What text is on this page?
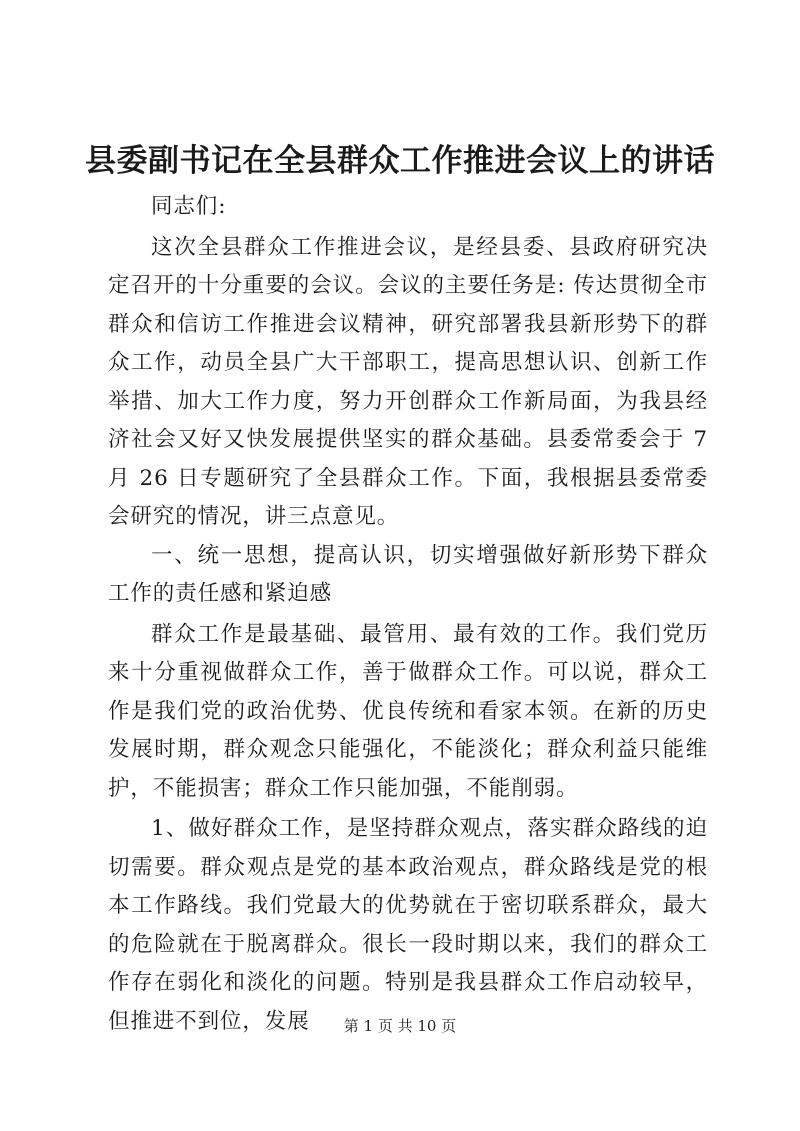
县委副书记在全县群众工作推进会议上的讲话

同志们:

这次全县群众工作推进会议，是经县委、县政府研究决定召开的十分重要的会议。会议的主要任务是: 传达贯彻全市群众和信访工作推进会议精神，研究部署我县新形势下的群众工作，动员全县广大干部职工，提高思想认识、创新工作举措、加大工作力度，努力开创群众工作新局面，为我县经济社会又好又快发展提供坚实的群众基础。县委常委会于 7 月 26 日专题研究了全县群众工作。下面，我根据县委常委会研究的情况，讲三点意见。

一、统一思想，提高认识，切实增强做好新形势下群众工作的责任感和紧迫感

群众工作是最基础、最管用、最有效的工作。我们党历来十分重视做群众工作，善于做群众工作。可以说，群众工作是我们党的政治优势、优良传统和看家本领。在新的历史发展时期，群众观念只能强化，不能淡化；群众利益只能维护，不能损害；群众工作只能加强，不能削弱。

1、做好群众工作，是坚持群众观点，落实群众路线的迫切需要。群众观点是党的基本政治观点，群众路线是党的根本工作路线。我们党最大的优势就在于密切联系群众，最大的危险就在于脱离群众。很长一段时期以来，我们的群众工作存在弱化和淡化的问题。特别是我县群众工作启动较早，但推进不到位，发展	第 1 页 共 10 页
